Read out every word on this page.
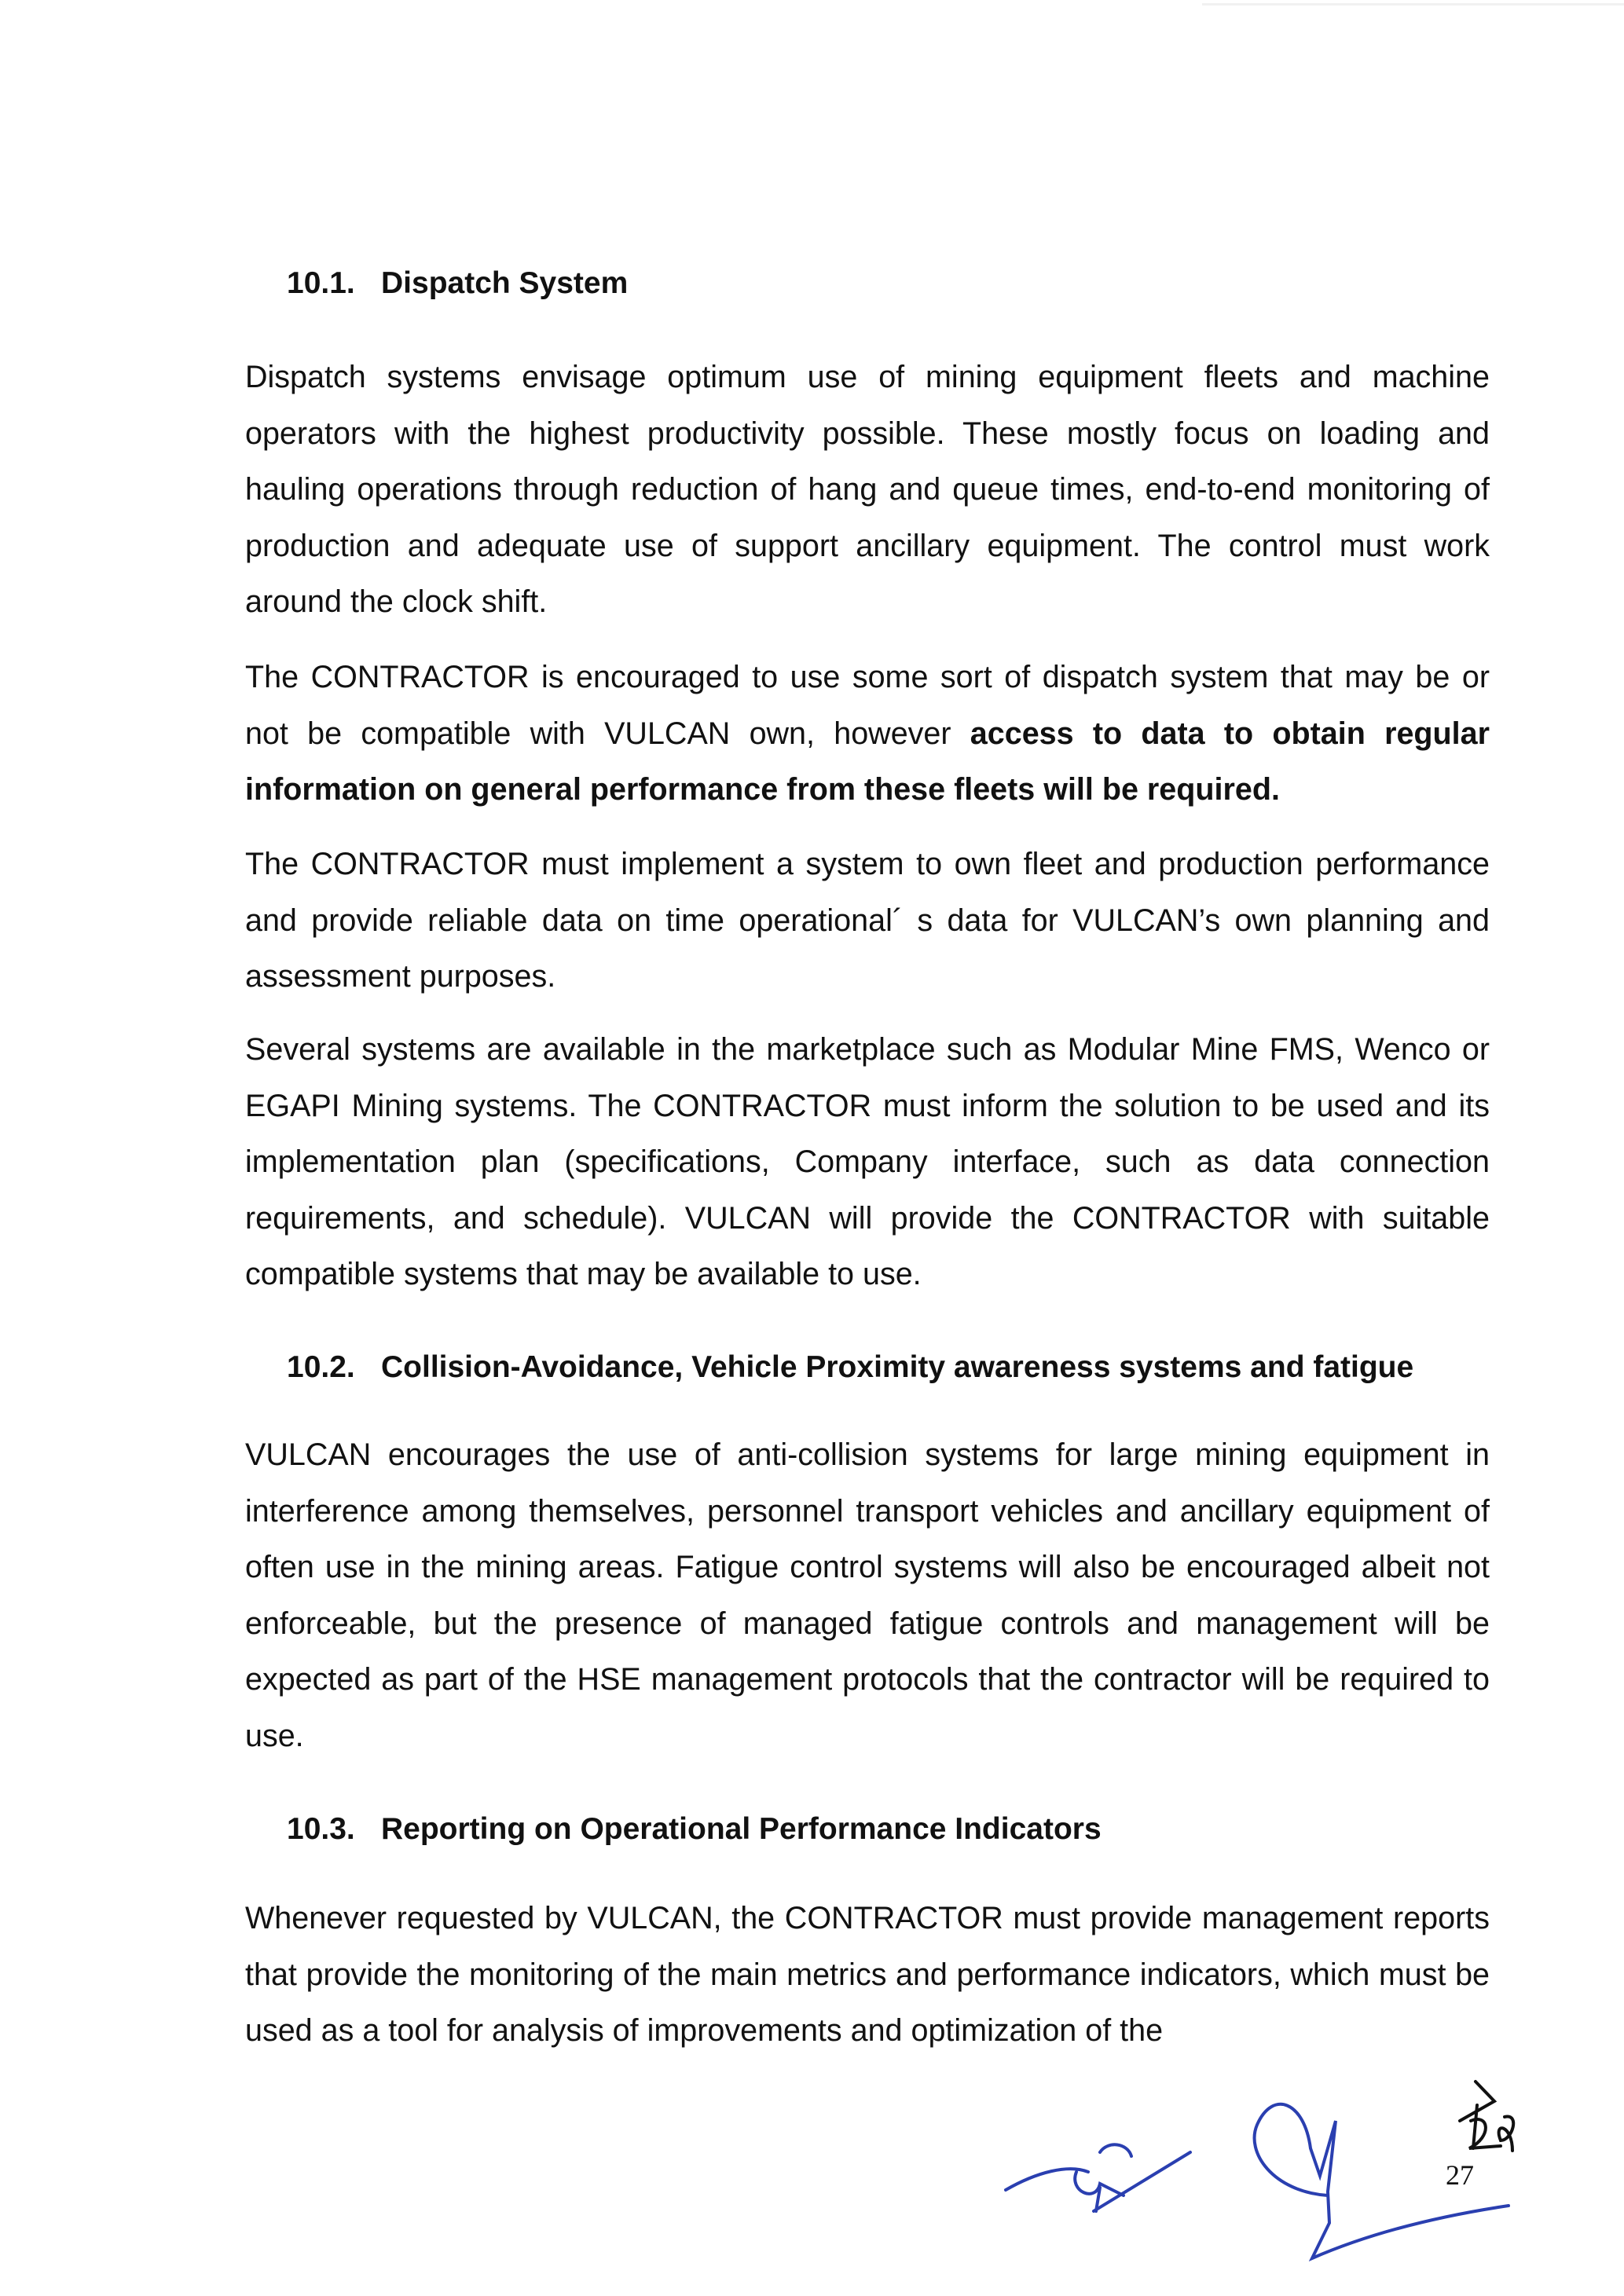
10.1. Dispatch System
Dispatch systems envisage optimum use of mining equipment fleets and machine operators with the highest productivity possible. These mostly focus on loading and hauling operations through reduction of hang and queue times, end-to-end monitoring of production and adequate use of support ancillary equipment. The control must work around the clock shift.
The CONTRACTOR is encouraged to use some sort of dispatch system that may be or not be compatible with VULCAN own, however access to data to obtain regular information on general performance from these fleets will be required.
The CONTRACTOR must implement a system to own fleet and production performance and provide reliable data on time operational´ s data for VULCAN’s own planning and assessment purposes.
Several systems are available in the marketplace such as Modular Mine FMS, Wenco or EGAPI Mining systems. The CONTRACTOR must inform the solution to be used and its implementation plan (specifications, Company interface, such as data connection requirements, and schedule). VULCAN will provide the CONTRACTOR with suitable compatible systems that may be available to use.
10.2. Collision-Avoidance, Vehicle Proximity awareness systems and fatigue
VULCAN encourages the use of anti-collision systems for large mining equipment in interference among themselves, personnel transport vehicles and ancillary equipment of often use in the mining areas. Fatigue control systems will also be encouraged albeit not enforceable, but the presence of managed fatigue controls and management will be expected as part of the HSE management protocols that the contractor will be required to use.
10.3. Reporting on Operational Performance Indicators
Whenever requested by VULCAN, the CONTRACTOR must provide management reports that provide the monitoring of the main metrics and performance indicators, which must be used as a tool for analysis of improvements and optimization of the
27
